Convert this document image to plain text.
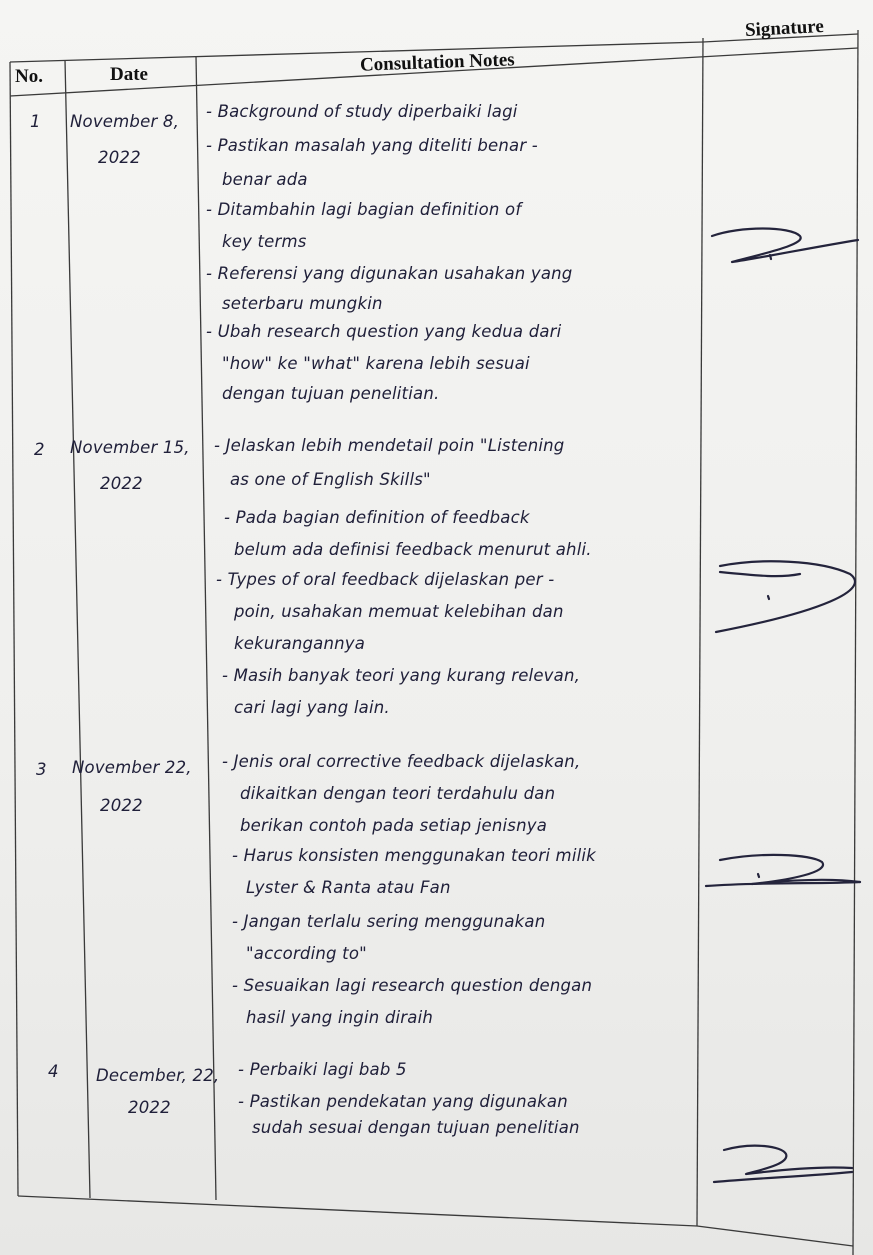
Signature
No.	Date	Consultation Notes
1 November 8,
2022
- Background of study diperbaiki lagi
- Pastikan masalah yang diteliti benar -
benar ada
- Ditambahin lagi bagian definition of
key terms
- Referensi yang digunakan usahakan yang
seterbaru mungkin
- Ubah research question yang kedua dari
"how" ke "what" karena lebih sesuai
dengan tujuan penelitian.
2 November 15,
2022
- Jelaskan lebih mendetail poin "Listening
as one of English Skills"
- Pada bagian definition of feedback
belum ada definisi feedback menurut ahli.
- Types of oral feedback dijelaskan per -
poin, usahakan memuat kelebihan dan
kekurangannya
- Masih banyak teori yang kurang relevan,
cari lagi yang lain.
3 November 22,
2022
- Jenis oral corrective feedback dijelaskan,
dikaitkan dengan teori terdahulu dan
berikan contoh pada setiap jenisnya
- Harus konsisten menggunakan teori milik
Lyster & Ranta atau Fan
- Jangan terlalu sering menggunakan
"according to"
- Sesuaikan lagi research question dengan
hasil yang ingin diraih
4 December, 22,
2022
- Perbaiki lagi bab 5
- Pastikan pendekatan yang digunakan
sudah sesuai dengan tujuan penelitian
